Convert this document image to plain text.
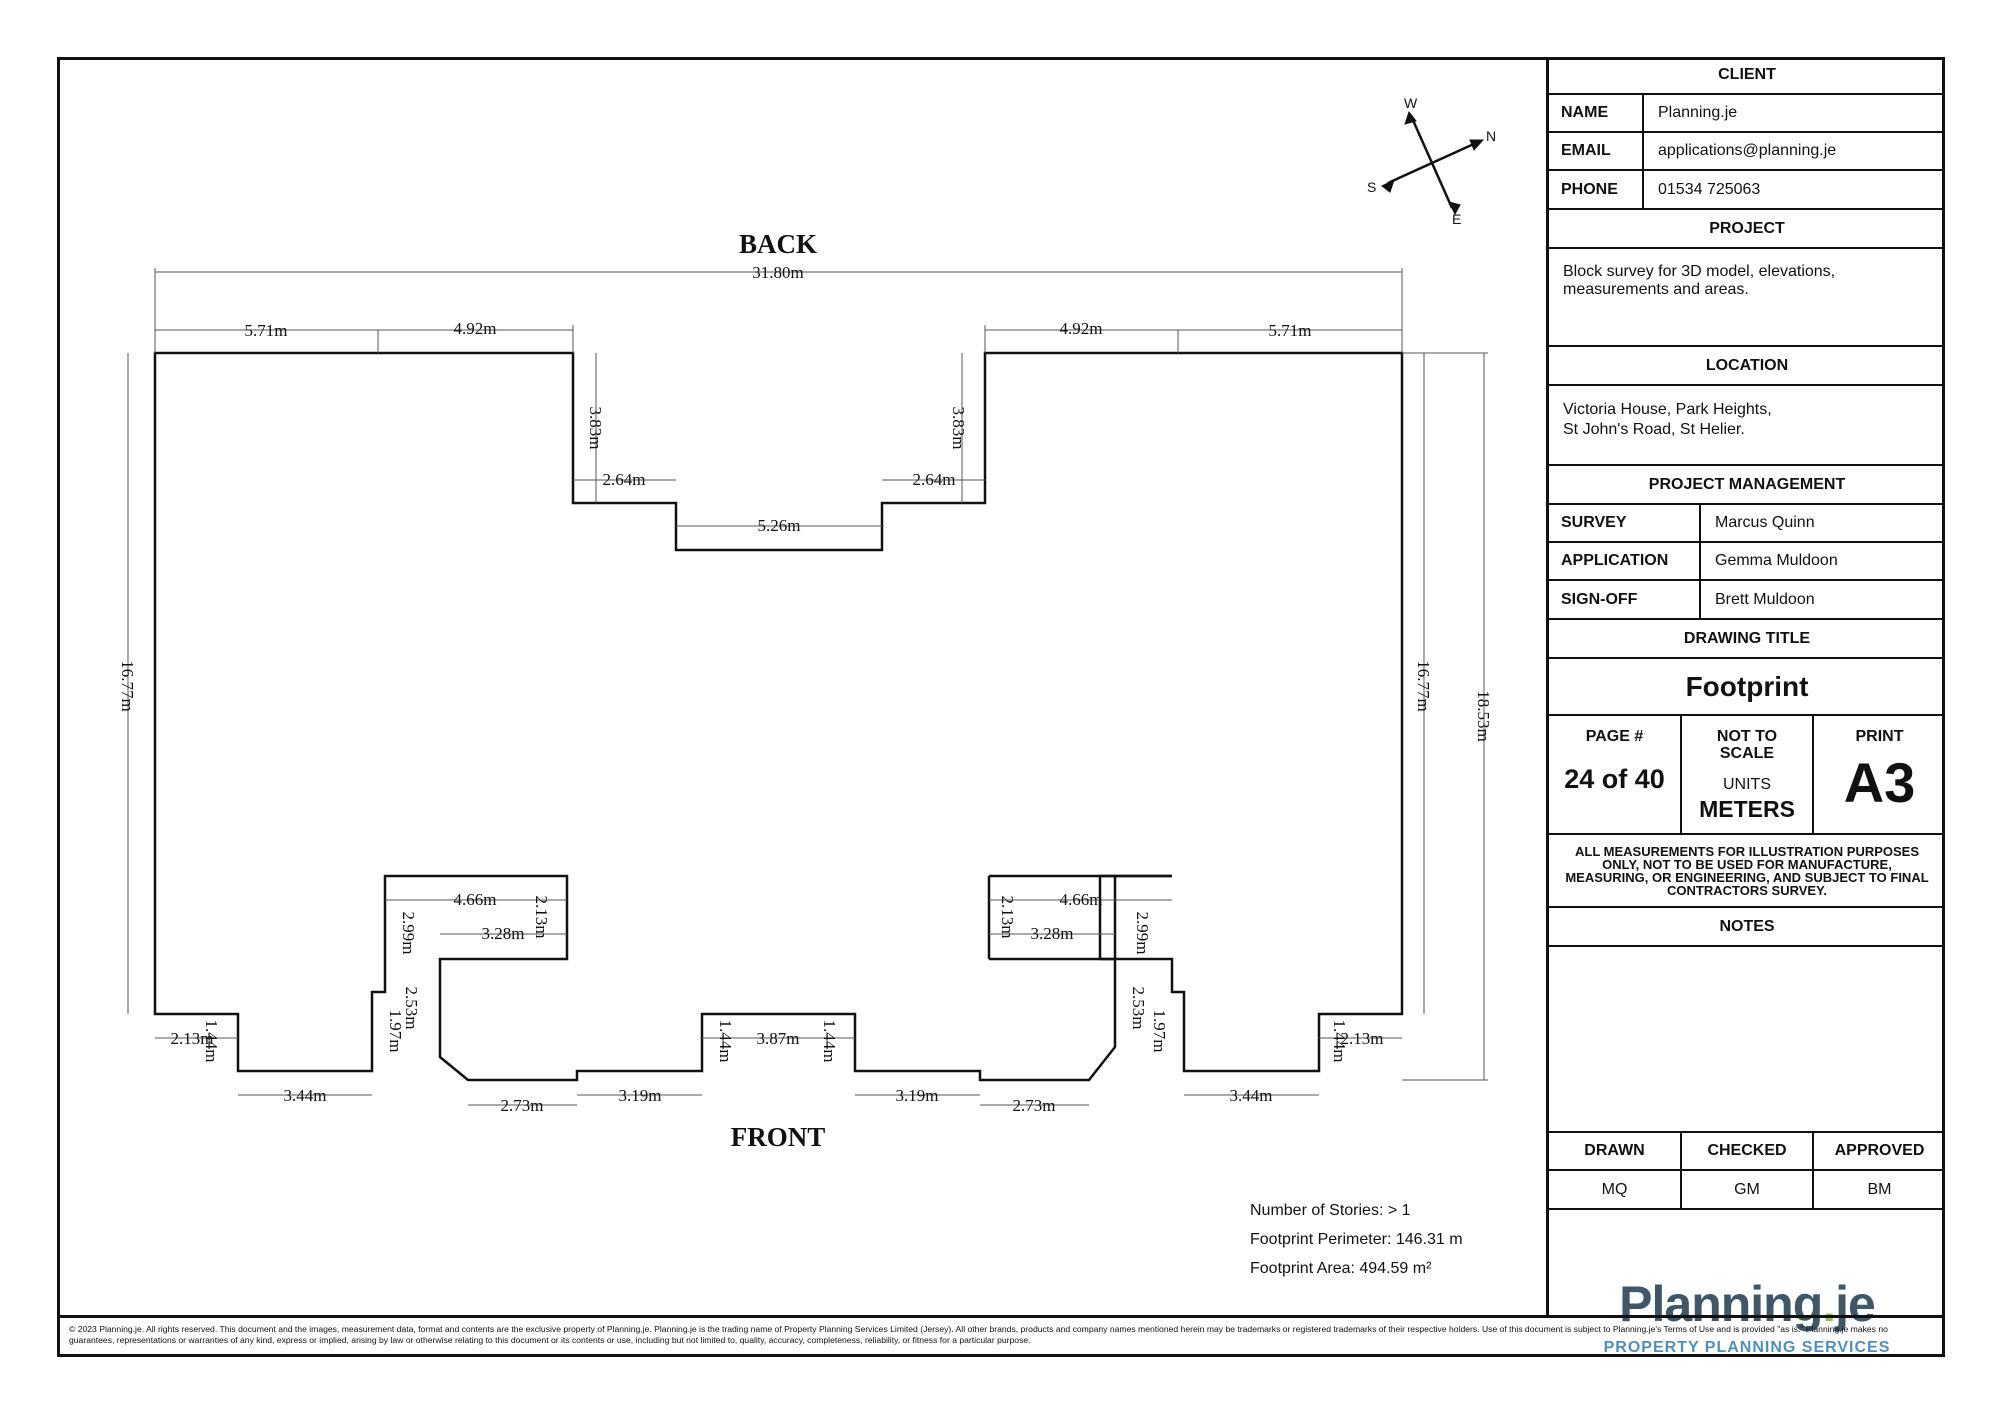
W
N
S
E
BACK
FRONT
31.80m
5.71m	4.92m	4.92m	5.71m
3.83m	3.83m
2.64m	2.64m
5.26m
16.77m	16.77m
18.53m
4.66m 2.13m
2.99m	3.28m
2.53m
1.97m
4.66m
2.13m	2.99m
3.28m
2.53m
1.97m
2.13m
1.44m	2.13m
1.44m
3.44m	3.44m
2.73m	2.73m
3.19m	3.19m
1.44m	1.44m
3.87m
Number of Stories: > 1
Footprint Perimeter: 146.31 m
Footprint Area: 494.59 m²
CLIENT
NAME	Planning.je
EMAIL	applications@planning.je
PHONE	01534 725063
PROJECT
Block survey for 3D model, elevations, measurements and areas.
LOCATION
Victoria House, Park Heights,
St John's Road, St Helier.
PROJECT MANAGEMENT
SURVEY	Marcus Quinn
APPLICATION	Gemma Muldoon
SIGN-OFF	Brett Muldoon
DRAWING TITLE
Footprint
PAGE #
24 of 40
NOT TO
SCALE
UNITS
METERS
PRINT
A3
ALL MEASUREMENTS FOR ILLUSTRATION PURPOSES ONLY, NOT TO BE USED FOR MANUFACTURE, MEASURING, OR ENGINEERING, AND SUBJECT TO FINAL CONTRACTORS SURVEY.
NOTES
DRAWN	CHECKED	APPROVED
MQ	GM	BM
Planning.je
PROPERTY PLANNING SERVICES
© 2023 Planning.je. All rights reserved. This document and the images, measurement data, format and contents are the exclusive property of Planning.je. Planning.je is the trading name of Property Planning Services Limited (Jersey). All other brands, products and company names mentioned herein may be trademarks or registered trademarks of their respective holders. Use of this document is subject to Planning.je's Terms of Use and is provided "as is." Planning.je makes no guarantees, representations or warranties of any kind, express or implied, arising by law or otherwise relating to this document or its contents or use, including but not limited to, quality, accuracy, completeness, reliability, or fitness for a particular purpose.
